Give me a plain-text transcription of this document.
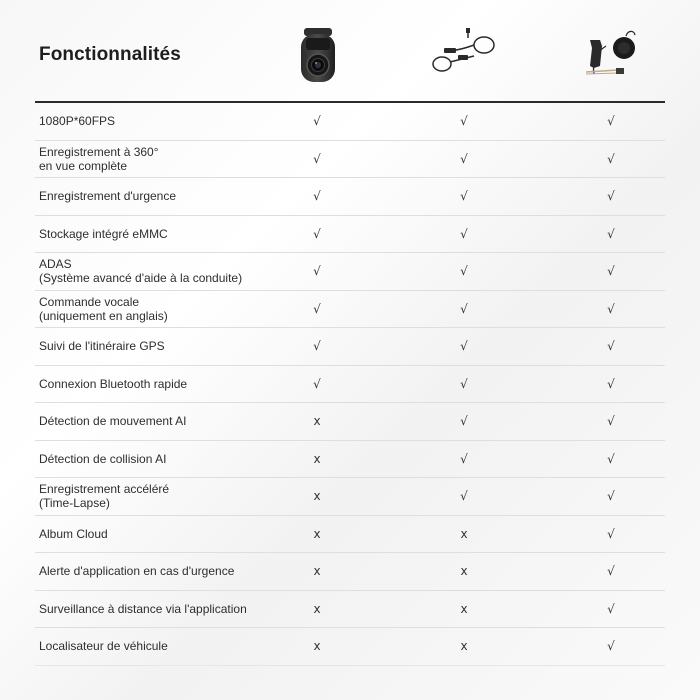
Fonctionnalités
1080P*60FPS	√	√	√
Enregistrement à 360°
en vue complète	√	√	√
Enregistrement d'urgence	√	√	√
Stockage intégré eMMC	√	√	√
ADAS
(Système avancé d'aide à la conduite)	√	√	√
Commande vocale
(uniquement en anglais)	√	√	√
Suivi de l'itinéraire GPS	√	√	√
Connexion Bluetooth rapide	√	√	√
Détection de mouvement AI	x	√	√
Détection de collision AI	x	√	√
Enregistrement accéléré
(Time-Lapse)	x	√	√
Album Cloud	x	x	√
Alerte d'application en cas d'urgence	x	x	√
Surveillance à distance via l'application	x	x	√
Localisateur de véhicule	x	x	√
